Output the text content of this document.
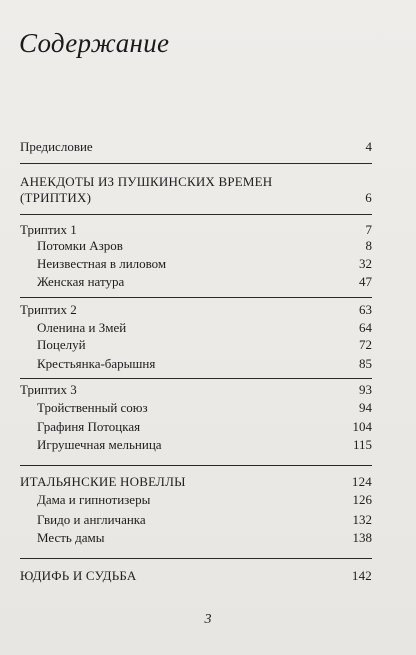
Содержание
Предисловие	4
АНЕКДОТЫ ИЗ ПУШКИНСКИХ ВРЕМЕН
(ТРИПТИХ)	6
Триптих 1	7
Потомки Азров	8
Неизвестная в лиловом	32
Женская натура	47
Триптих 2	63
Оленина и Змей	64
Поцелуй	72
Крестьянка-барышня	85
Триптих 3	93
Тройственный союз	94
Графиня Потоцкая	104
Игрушечная мельница	115
ИТАЛЬЯНСКИЕ НОВЕЛЛЫ	124
Дама и гипнотизеры	126
Гвидо и англичанка	132
Месть дамы	138
ЮДИФЬ И СУДЬБА	142
3
